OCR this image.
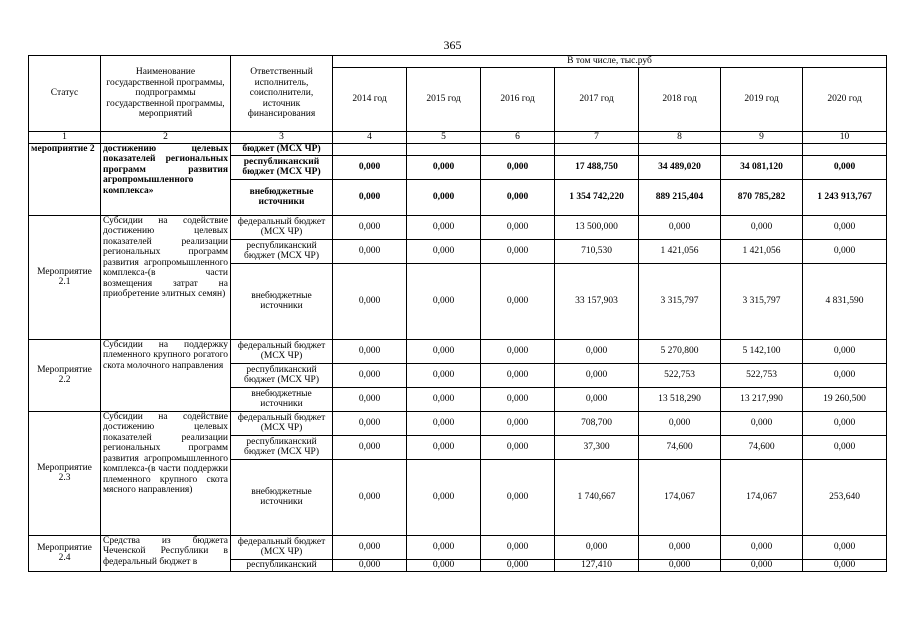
365
Статус	Наименование государственной программы, подпрограммы государственной программы, мероприятий	Ответственный исполнитель, соисполнители, источник финансирования	В том числе, тыс.руб						
			2014 год	2015 год	2016 год	2017 год	2018 год	2019 год	2020 год
1	2	3	4	5	6	7	8	9	10
мероприятие 2	достижению целевых показателей региональных программ развития агропромышленного комплекса»	бюджет (МСХ ЧР)							
		республиканский бюджет (МСХ ЧР)	0,000	0,000	0,000	17 488,750	34 489,020	34 081,120	0,000
		внебюджетные источники	0,000	0,000	0,000	1 354 742,220	889 215,404	870 785,282	1 243 913,767
Мероприятие 2.1	Субсидии на содействие достижению целевых показателей реализации региональных программ развития агропромышленного комплекса-(в части возмещения затрат на приобретение элитных семян)	федеральный бюджет (МСХ ЧР)	0,000	0,000	0,000	13 500,000	0,000	0,000	0,000
		республиканский бюджет (МСХ ЧР)	0,000	0,000	0,000	710,530	1 421,056	1 421,056	0,000
		внебюджетные источники	0,000	0,000	0,000	33 157,903	3 315,797	3 315,797	4 831,590
Мероприятие 2.2	Субсидии на поддержку племенного крупного рогатого скота молочного направления	федеральный бюджет (МСХ ЧР)	0,000	0,000	0,000	0,000	5 270,800	5 142,100	0,000
		республиканский бюджет (МСХ ЧР)	0,000	0,000	0,000	0,000	522,753	522,753	0,000
		внебюджетные источники	0,000	0,000	0,000	0,000	13 518,290	13 217,990	19 260,500
Мероприятие 2.3	Субсидии на содействие достижению целевых показателей реализации региональных программ развития агропромышленного комплекса-(в части поддержки племенного крупного скота мясного направления)	федеральный бюджет (МСХ ЧР)	0,000	0,000	0,000	708,700	0,000	0,000	0,000
		республиканский бюджет (МСХ ЧР)	0,000	0,000	0,000	37,300	74,600	74,600	0,000
		внебюджетные источники	0,000	0,000	0,000	1 740,667	174,067	174,067	253,640
Мероприятие 2.4	Средства из бюджета Чеченской Республики в федеральный бюджет в	федеральный бюджет (МСХ ЧР)	0,000	0,000	0,000	0,000	0,000	0,000	0,000
		республиканский	0,000	0,000	0,000	127,410	0,000	0,000	0,000
